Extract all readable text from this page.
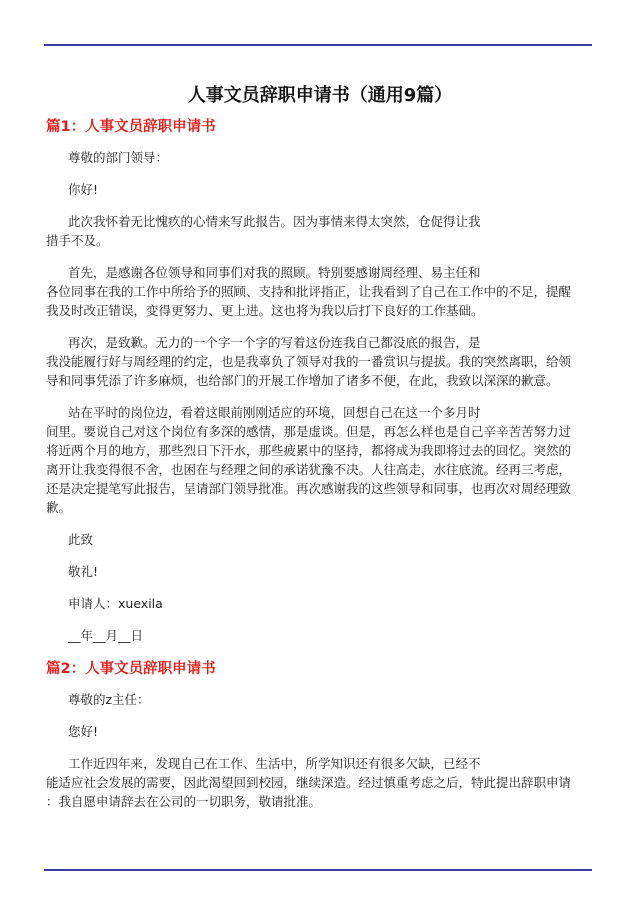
人事文员辞职申请书（通用9篇）
篇1：人事文员辞职申请书

尊敬的部门领导：

你好!

此次我怀着无比愧疚的心情来写此报告。因为事情来得太突然，仓促得让我
措手不及。

首先，是感谢各位领导和同事们对我的照顾。特别要感谢周经理、易主任和
各位同事在我的工作中所给予的照顾、支持和批评指正，让我看到了自己在工作中的不足，提醒
我及时改正错误，变得更努力、更上进。这也将为我以后打下良好的工作基础。

再次，是致歉。无力的一个字一个字的写着这份连我自己都没底的报告，是
我没能履行好与周经理的约定，也是我辜负了领导对我的一番赏识与提拔。我的突然离职，给领
导和同事凭添了许多麻烦，也给部门的开展工作增加了诸多不便，在此，我致以深深的歉意。

站在平时的岗位边，看着这眼前刚刚适应的环境，回想自己在这一个多月时
间里。要说自己对这个岗位有多深的感情，那是虚谈。但是，再怎么样也是自己辛辛苦苦努力过
将近两个月的地方，那些烈日下汗水，那些疲累中的坚持，都将成为我即将过去的回忆。突然的
离开让我变得很不舍，也困在与经理之间的承诺犹豫不决。人往高走，水往底流。经再三考虑，
还是决定提笔写此报告，呈请部门领导批准。再次感谢我的这些领导和同事，也再次对周经理致
歉。

此致

敬礼!

申请人：xuexila

__年__月__日

篇2：人事文员辞职申请书

尊敬的z主任：

您好!

工作近四年来，发现自己在工作、生活中，所学知识还有很多欠缺，已经不
能适应社会发展的需要，因此渴望回到校园，继续深造。经过慎重考虑之后，特此提出辞职申请
：我自愿申请辞去在公司的一切职务，敬请批准。
